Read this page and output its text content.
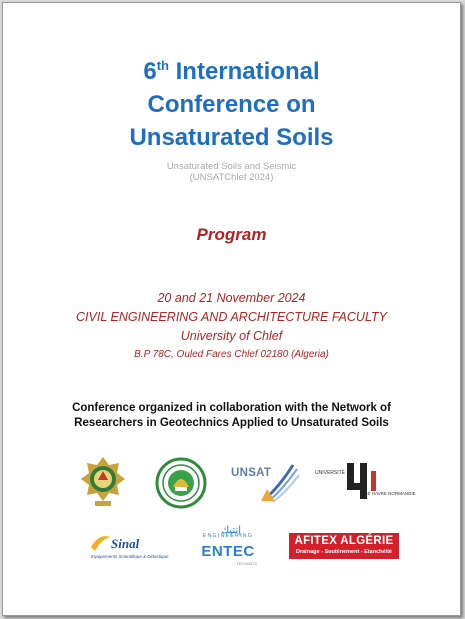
6th International
Conference on
Unsaturated Soils
Unsaturated Soils and Seismic
(UNSATChlef 2024)
Program
20 and 21 November 2024
CIVIL ENGINEERING AND ARCHITECTURE FACULTY
University of Chlef
B.P 78C, Ouled Fares Chlef 02180 (Algeria)
Conference organized in collaboration with the Network of
Researchers in Geotechnics Applied to Unsaturated Soils
UNSAT	UNIVERSITÉ
LE HAVRE NORMANDIE
Sinal
Equipements Scientifique & Didactique
إنتيك
ENGINEERING
ENTEC
TECHNICS
AFITEX ALGÉRIE
Drainage - Soutènement - Etanchéité
